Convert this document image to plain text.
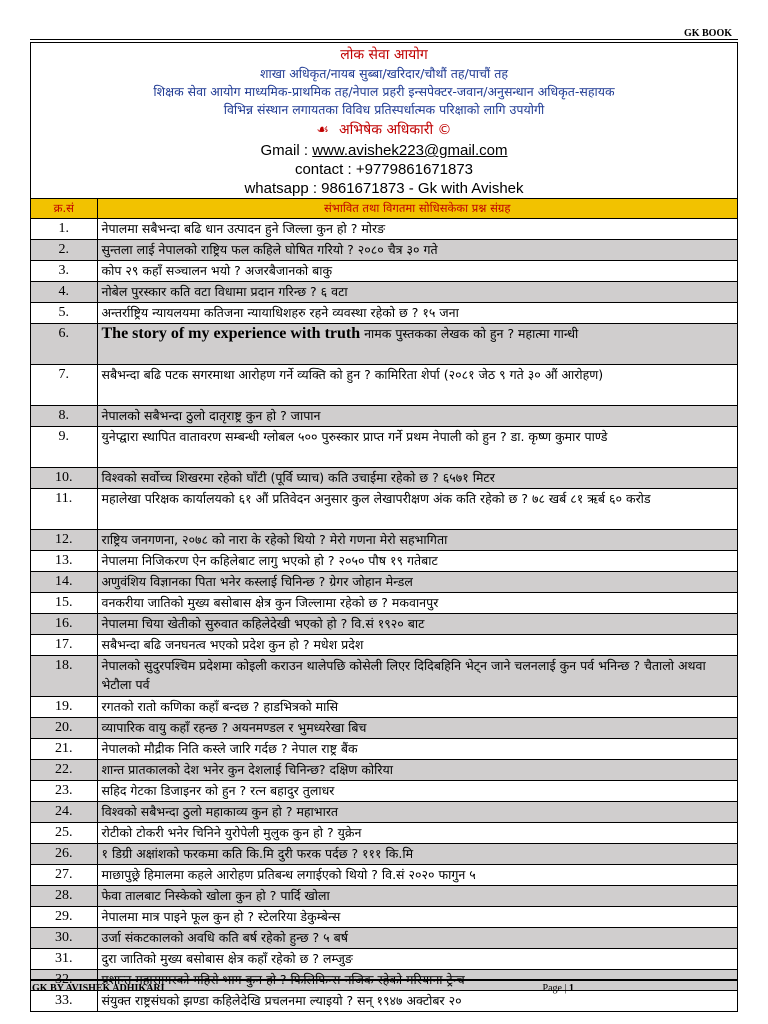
GK BOOK
लोक सेवा आयोग
शाखा अधिकृत/नायब सुब्बा/खरिदार/चौथौं तह/पाचौं तह
शिक्षक सेवा आयोग माध्यमिक-प्राथमिक तह/नेपाल प्रहरी इन्सपेक्टर-जवान/अनुसन्धान अधिकृत-सहायक
विभिन्न संस्थान लगायतका विविध प्रतिस्पर्धात्मक परिक्षाको लागि उपयोगी
☙ अभिषेक अधिकारी ©
Gmail : www.avishek223@gmail.com
contact : +9779861671873
whatsapp : 9861671873 - Gk with Avishek
क्र.सं	संभावित तथा विगतमा सोधिसकेका प्रश्न संग्रह
1.	नेपालमा सबैभन्दा बढि धान उत्पादन हुने जिल्ला कुन हो ? मोरङ
2.	सुन्तला लाई नेपालको राष्ट्रिय फल कहिले घोषित गरियो ? २०८० चैत्र ३० गते
3.	कोप २९ कहाँ सञ्चालन भयो ? अजरबैजानको बाकु
4.	नोबेल पुरस्कार कति वटा विधामा प्रदान गरिन्छ ? ६ वटा
5.	अन्तर्राष्ट्रिय न्यायलयमा कतिजना न्यायाधिशहरु रहने व्यवस्था रहेको छ ? १५ जना
6.	The story of my experience with truth नामक पुस्तकका लेखक को हुन ? महात्मा गान्धी
7.	सबैभन्दा बढि पटक सगरमाथा आरोहण गर्ने व्यक्ति को हुन ? कामिरिता शेर्पा (२०८१ जेठ ९ गते ३० औं आरोहण)
8.	नेपालको सबैभन्दा ठुलो दातृराष्ट्र कुन हो ? जापान
9.	युनेप्द्वारा स्थापित वातावरण सम्बन्धी ग्लोबल ५०० पुरुस्कार प्राप्त गर्ने प्रथम नेपाली को हुन ? डा. कृष्ण कुमार पाण्डे
10.	विश्वको सर्वोच्च शिखरमा रहेको घाँटी (पूर्वि घ्याच) कति उचाईमा रहेको छ ? ६५७१ मिटर
11.	महालेखा परिक्षक कार्यालयको ६१ औं प्रतिवेदन अनुसार कुल लेखापरीक्षण अंक कति रहेको छ ? ७८ खर्ब ८१ ऋर्ब ६० करोड
12.	राष्ट्रिय जनगणना, २०७८ को नारा के रहेको थियो ? मेरो गणना मेरो सहभागिता
13.	नेपालमा निजिकरण ऐन कहिलेबाट लागु भएको हो ? २०५० पौष १९ गतेबाट
14.	अणुवंशिय विज्ञानका पिता भनेर कस्लाई चिनिन्छ ? ग्रेगर जोहान मेन्डल
15.	वनकरीया जातिको मुख्य बसोबास क्षेत्र कुन जिल्लामा रहेको छ ? मकवानपुर
16.	नेपालमा चिया खेतीको सुरुवात कहिलेदेखी भएको हो ? वि.सं १९२० बाट
17.	सबैभन्दा बढि जनघनत्व भएको प्रदेश कुन हो ? मधेश प्रदेश
18.	नेपालको सुदुरपश्चिम प्रदेशमा कोइली कराउन थालेपछि कोसेली लिएर दिदिबहिनि भेट्न जाने चलनलाई कुन पर्व भनिन्छ ? चैतालो अथवा भेटौला पर्व
19.	रगतको रातो कणिका कहाँ बन्दछ ? हाडभित्रको मासि
20.	व्यापारिक वायु कहाँ रहन्छ ? अयनमण्डल र भुमध्यरेखा बिच
21.	नेपालको मौद्रीक निति कस्ले जारि गर्दछ ? नेपाल राष्ट्र बैंक
22.	शान्त प्रातकालको देश भनेर कुन देशलाई चिनिन्छ? दक्षिण कोरिया
23.	सहिद गेटका डिजाइनर को हुन ? रत्न बहादुर तुलाधर
24.	विश्वको सबैभन्दा ठुलो महाकाव्य कुन हो ? महाभारत
25.	रोटीको टोकरी भनेर चिनिने युरोपेली मुलुक कुन हो ? युक्रेन
26.	१ डिग्री अक्षांशको फरकमा कति कि.मि दुरी फरक पर्दछ ? १११ कि.मि
27.	माछापुछ्रे हिमालमा कहले आरोहण प्रतिबन्ध लगाईएको थियो ? वि.सं २०२० फागुन ५
28.	फेवा तालबाट निस्केको खोला कुन हो ? पार्दि खोला
29.	नेपालमा मात्र पाइने फूल कुन हो ? स्टेलरिया डेकुम्बेन्स
30.	उर्जा संकटकालको अवधि कति बर्ष रहेको हुन्छ ? ५ बर्ष
31.	दुरा जातिको मुख्य बसोबास क्षेत्र कहाँ रहेको छ ? लम्जुङ
32.	प्रशान्त महासागरको गहिरो भाग कुन हो ? फिलिफिन्स नजिक रहेको मरियाना ट्रेन्च
33.	संयुक्त राष्ट्रसंघको झण्डा कहिलेदेखि प्रचलनमा ल्याइयो ? सन् १९४७ अक्टोबर २०
GK BY AVISHEK ADHIKARI	Page | 1
